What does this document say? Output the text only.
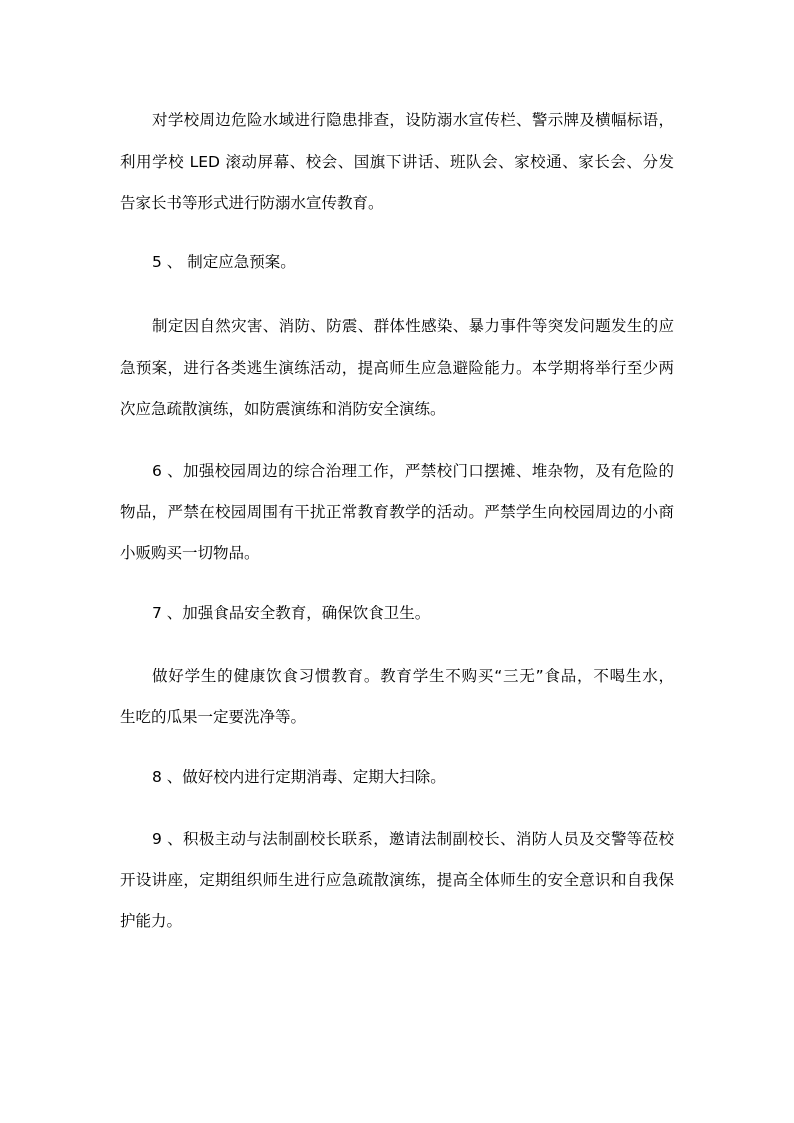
对学校周边危险水域进行隐患排查，设防溺水宣传栏、警示牌及横幅标语，
利用学校 LED 滚动屏幕、校会、国旗下讲话、班队会、家校通、家长会、分发
告家长书等形式进行防溺水宣传教育。
5 、 制定应急预案。
制定因自然灾害、消防、防震、群体性感染、暴力事件等突发问题发生的应
急预案，进行各类逃生演练活动，提高师生应急避险能力。本学期将举行至少两
次应急疏散演练，如防震演练和消防安全演练。
6 、加强校园周边的综合治理工作，严禁校门口摆摊、堆杂物，及有危险的
物品，严禁在校园周围有干扰正常教育教学的活动。严禁学生向校园周边的小商
小贩购买一切物品。
7 、加强食品安全教育，确保饮食卫生。
做好学生的健康饮食习惯教育。教育学生不购买“三无”食品，不喝生水，
生吃的瓜果一定要洗净等。
8 、做好校内进行定期消毒、定期大扫除。
9 、积极主动与法制副校长联系，邀请法制副校长、消防人员及交警等莅校
开设讲座，定期组织师生进行应急疏散演练，提高全体师生的安全意识和自我保
护能力。
